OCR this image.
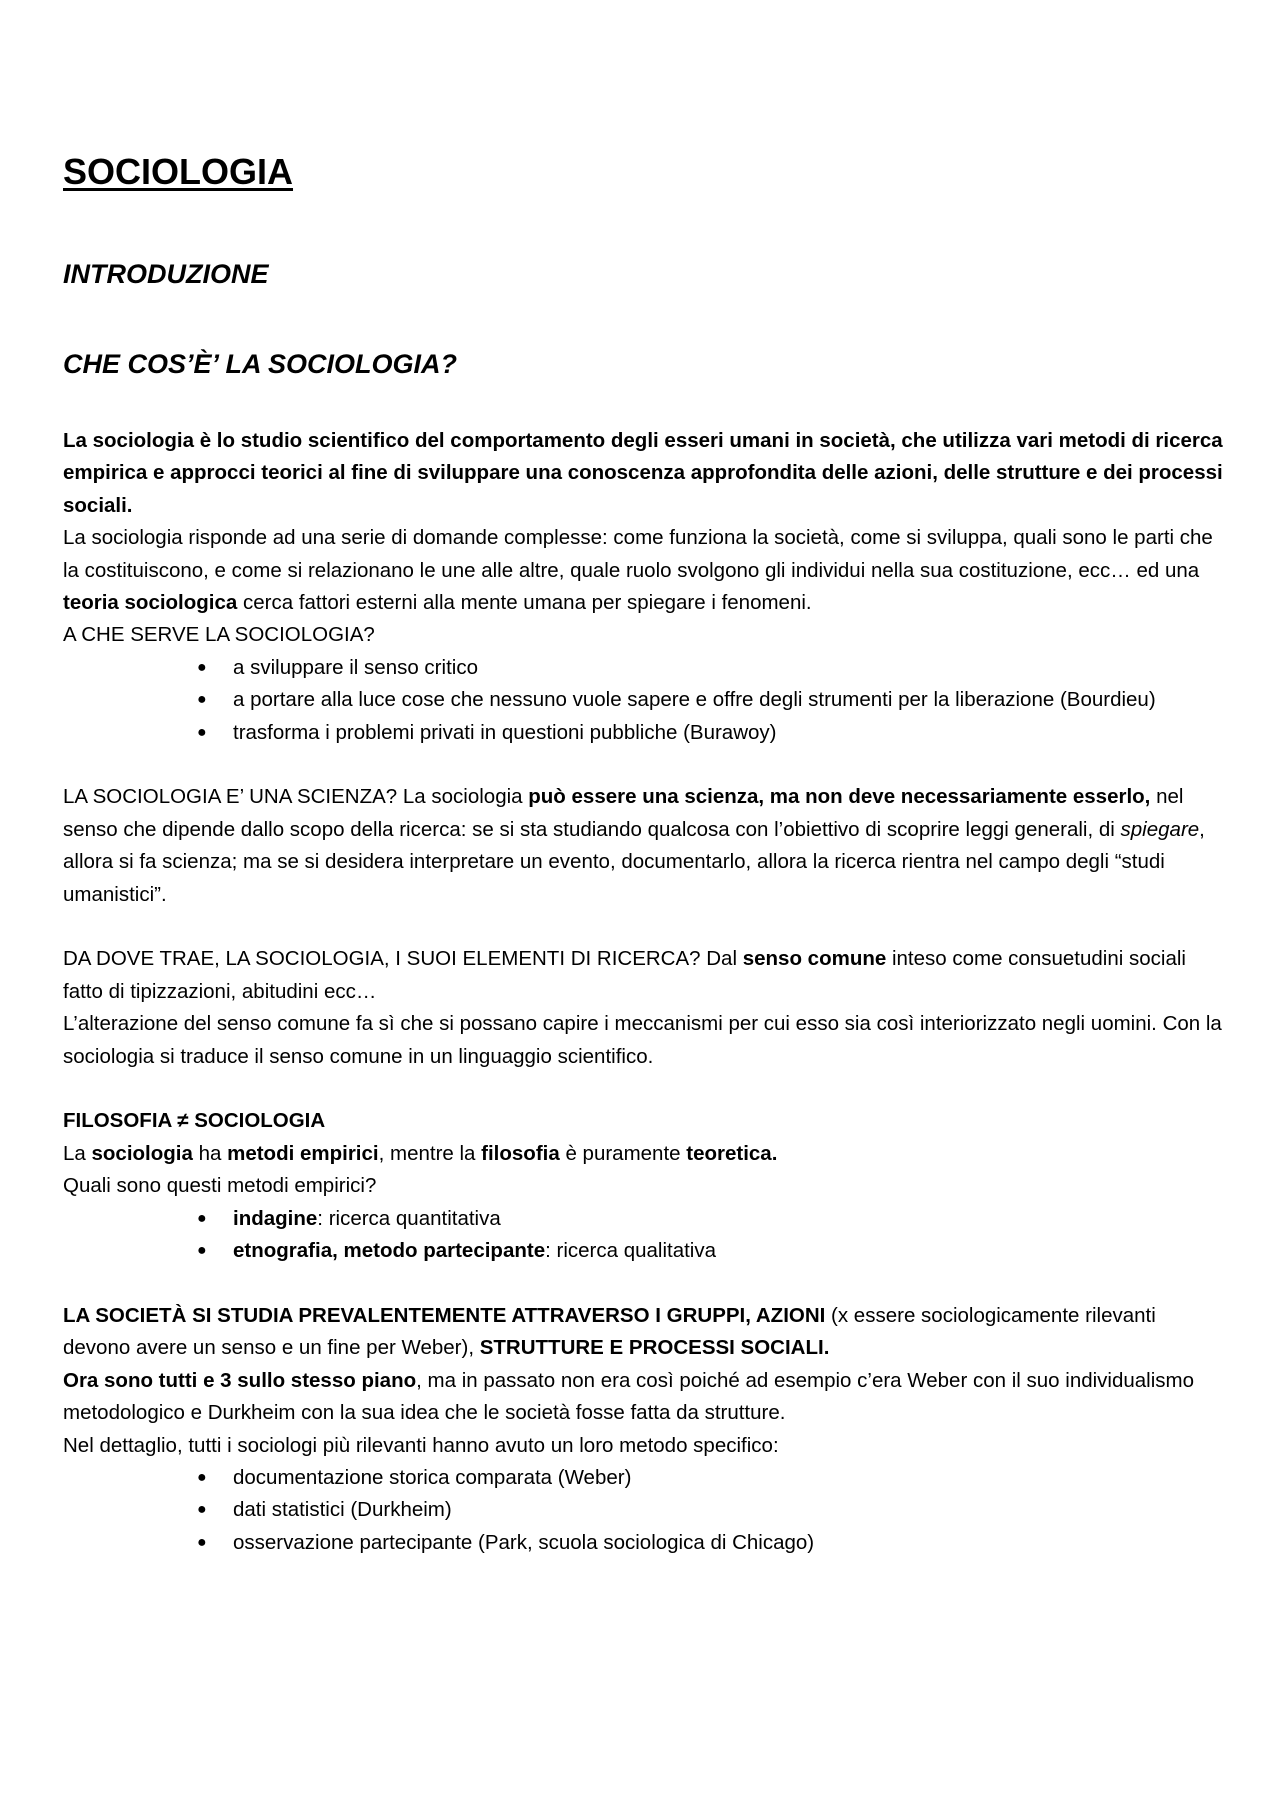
SOCIOLOGIA
INTRODUZIONE
CHE COS’È’ LA SOCIOLOGIA?

La sociologia è lo studio scientifico del comportamento degli esseri umani in società, che utilizza vari metodi di ricerca empirica e approcci teorici al fine di sviluppare una conoscenza approfondita delle azioni, delle strutture e dei processi sociali.

La sociologia risponde ad una serie di domande complesse: come funziona la società, come si sviluppa, quali sono le parti che la costituiscono, e come si relazionano le une alle altre, quale ruolo svolgono gli individui nella sua costituzione, ecc… ed una teoria sociologica cerca fattori esterni alla mente umana per spiegare i fenomeni.

A CHE SERVE LA SOCIOLOGIA?

● a sviluppare il senso critico
● a portare alla luce cose che nessuno vuole sapere e offre degli strumenti per la liberazione (Bourdieu)
● trasforma i problemi privati in questioni pubbliche (Burawoy)

LA SOCIOLOGIA E’ UNA SCIENZA? La sociologia può essere una scienza, ma non deve necessariamente esserlo, nel senso che dipende dallo scopo della ricerca: se si sta studiando qualcosa con l’obiettivo di scoprire leggi generali, di spiegare, allora si fa scienza; ma se si desidera interpretare un evento, documentarlo, allora la ricerca rientra nel campo degli “studi umanistici”.

DA DOVE TRAE, LA SOCIOLOGIA, I SUOI ELEMENTI DI RICERCA? Dal senso comune inteso come consuetudini sociali fatto di tipizzazioni, abitudini ecc…

L’alterazione del senso comune fa sì che si possano capire i meccanismi per cui esso sia così interiorizzato negli uomini. Con la sociologia si traduce il senso comune in un linguaggio scientifico.

FILOSOFIA ≠ SOCIOLOGIA

La sociologia ha metodi empirici, mentre la filosofia è puramente teoretica.

Quali sono questi metodi empirici?

● indagine: ricerca quantitativa
● etnografia, metodo partecipante: ricerca qualitativa

LA SOCIETÀ SI STUDIA PREVALENTEMENTE ATTRAVERSO I GRUPPI, AZIONI (x essere sociologicamente rilevanti devono avere un senso e un fine per Weber), STRUTTURE E PROCESSI SOCIALI.

Ora sono tutti e 3 sullo stesso piano, ma in passato non era così poiché ad esempio c’era Weber con il suo individualismo metodologico e Durkheim con la sua idea che le società fosse fatta da strutture.

Nel dettaglio, tutti i sociologi più rilevanti hanno avuto un loro metodo specifico:

● documentazione storica comparata (Weber)
● dati statistici (Durkheim)
● osservazione partecipante (Park, scuola sociologica di Chicago)
